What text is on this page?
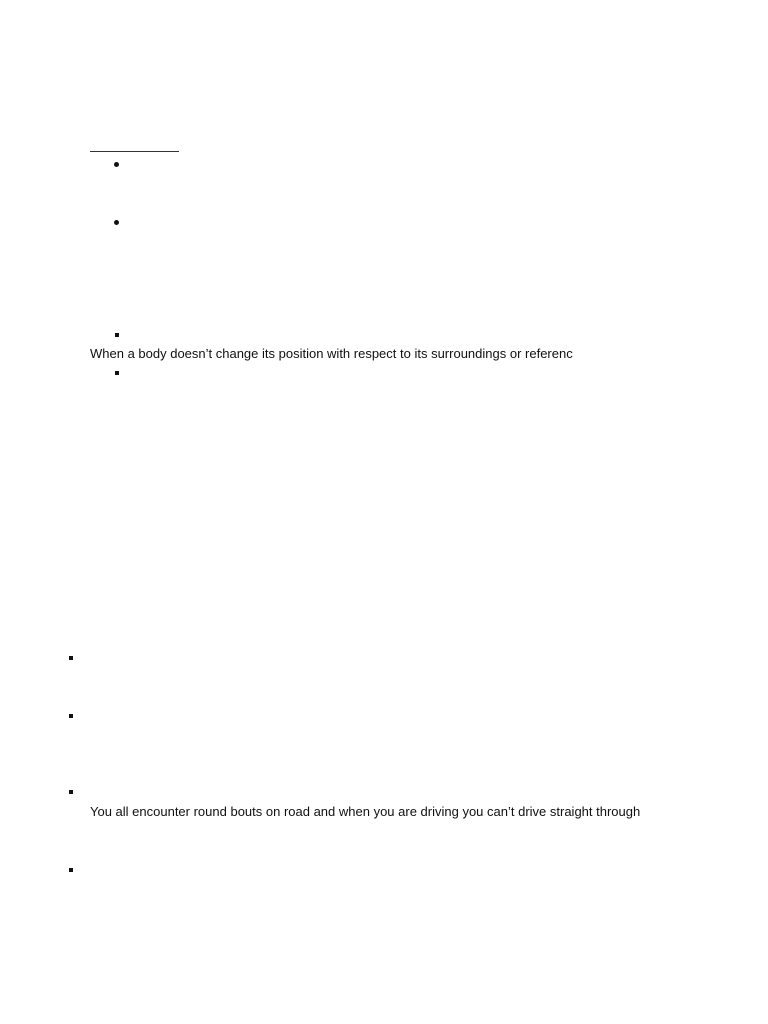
When a body doesn’t change its position with respect to its surroundings or referenc
You all encounter round bouts on road and when you are driving you can’t drive straight through
